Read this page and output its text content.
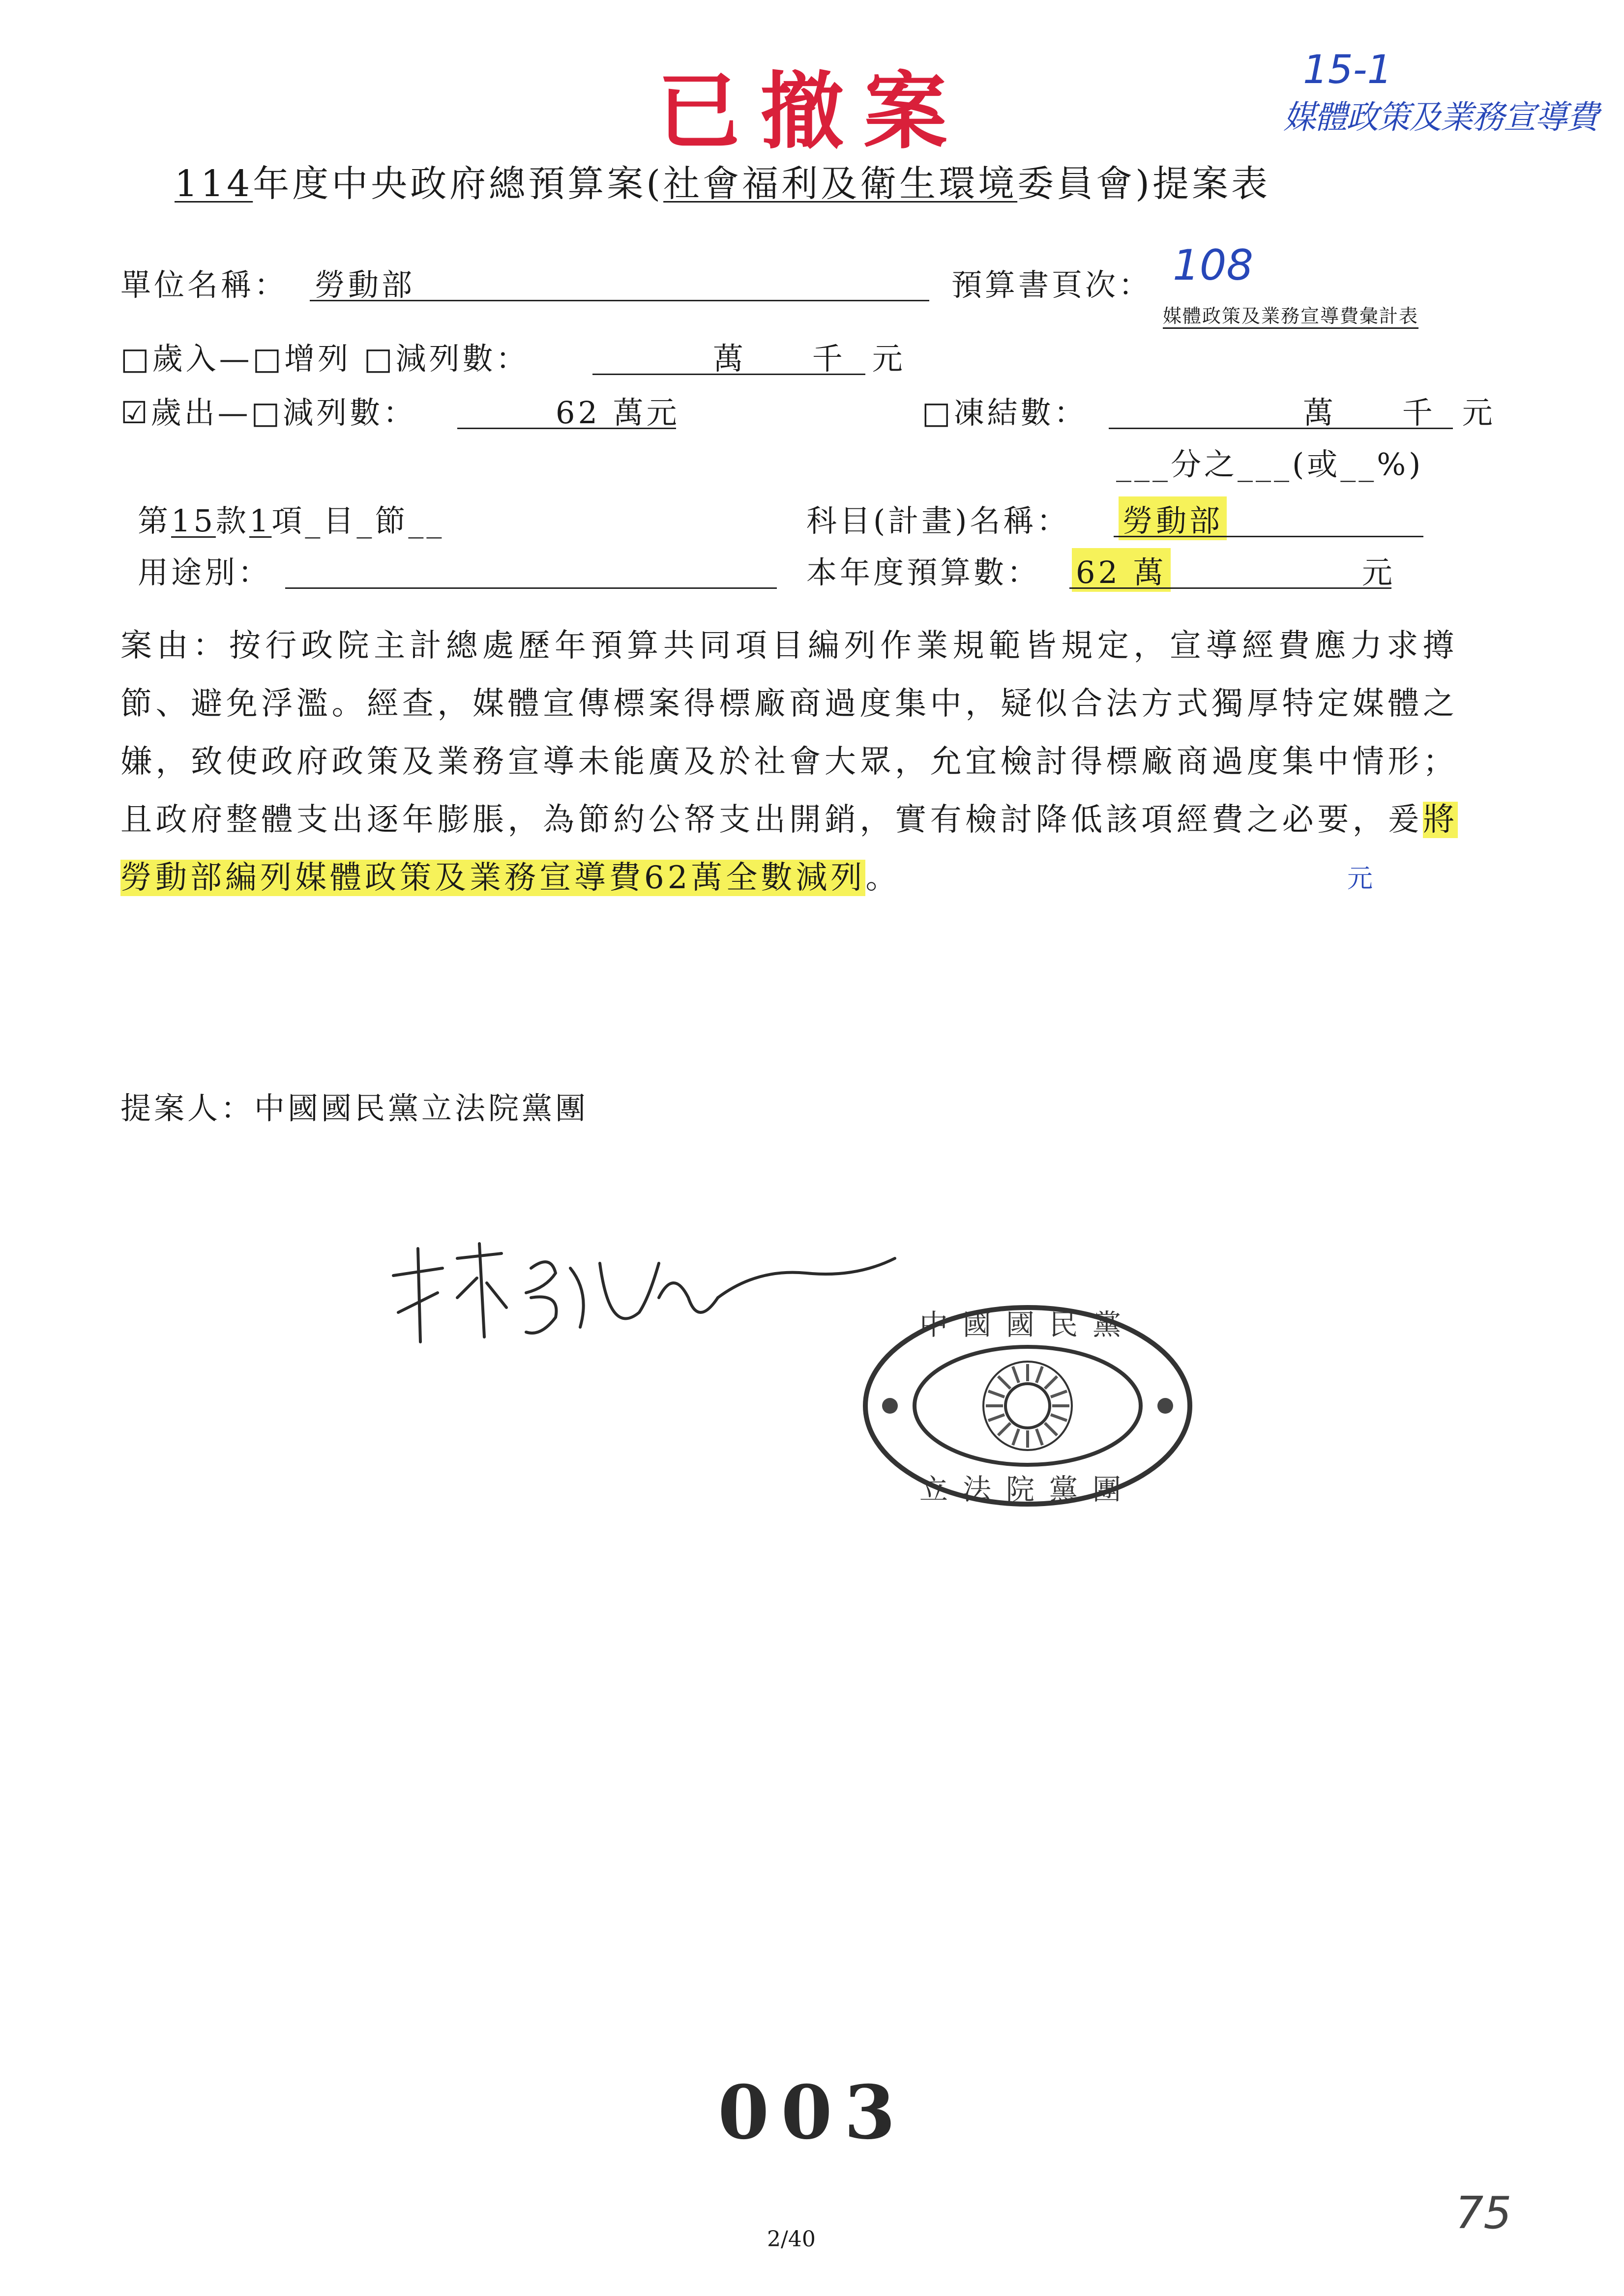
已撤案	15-1
媒體政策及業務宣導費
114年度中央政府總預算案(社會福利及衛生環境委員會)提案表
單位名稱： 勞動部	預算書頁次： 108
媒體政策及業務宣導費彙計表
□歲入—□增列 □減列數：	萬 千元
☑歲出—□減列數：	62 萬元	□凍結數：	萬 千元
___分之___(或__%)
第15款1項_目_節__	科目(計畫)名稱： 勞動部
用途別：	本年度預算數： 62 萬	元
案由：按行政院主計總處歷年預算共同項目編列作業規範皆規定，宣導經費應力求撙節、避免浮濫。經查，媒體宣傳標案得標廠商過度集中，疑似合法方式獨厚特定媒體之嫌，致使政府政策及業務宣導未能廣及於社會大眾，允宜檢討得標廠商過度集中情形；且政府整體支出逐年膨脹，為節約公帑支出開銷，實有檢討降低該項經費之必要，爰將勞動部編列媒體政策及業務宣導費62萬全數減列。	元
提案人：中國國民黨立法院黨團
中國國民黨
立法院黨團
003
2/40
75
